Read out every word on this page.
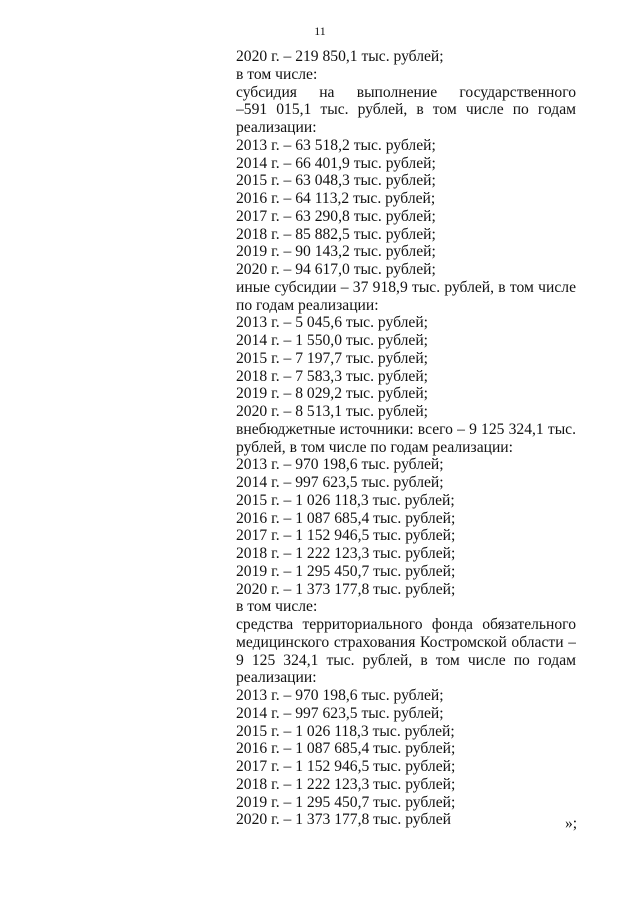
11
2020 г. – 219 850,1 тыс. рублей;
в том числе:
субсидия на выполнение государственного
–591 015,1 тыс. рублей, в том числе по годам
реализации:
2013 г. – 63 518,2 тыс. рублей;
2014 г. – 66 401,9 тыс. рублей;
2015 г. – 63 048,3 тыс. рублей;
2016 г. – 64 113,2 тыс. рублей;
2017 г. – 63 290,8 тыс. рублей;
2018 г. – 85 882,5 тыс. рублей;
2019 г. – 90 143,2 тыс. рублей;
2020 г. – 94 617,0 тыс. рублей;
иные субсидии – 37 918,9 тыс. рублей, в том числе
по годам реализации:
2013 г. – 5 045,6 тыс. рублей;
2014 г. – 1 550,0 тыс. рублей;
2015 г. – 7 197,7 тыс. рублей;
2018 г. – 7 583,3 тыс. рублей;
2019 г. – 8 029,2 тыс. рублей;
2020 г. – 8 513,1 тыс. рублей;
внебюджетные источники: всего – 9 125 324,1 тыс.
рублей, в том числе по годам реализации:
2013 г. – 970 198,6 тыс. рублей;
2014 г. – 997 623,5 тыс. рублей;
2015 г. – 1 026 118,3 тыс. рублей;
2016 г. – 1 087 685,4 тыс. рублей;
2017 г. – 1 152 946,5 тыс. рублей;
2018 г. – 1 222 123,3 тыс. рублей;
2019 г. – 1 295 450,7 тыс. рублей;
2020 г. – 1 373 177,8 тыс. рублей;
в том числе:
средства территориального фонда обязательного
медицинского страхования Костромской области –
9 125 324,1 тыс. рублей, в том числе по годам
реализации:
2013 г. – 970 198,6 тыс. рублей;
2014 г. – 997 623,5 тыс. рублей;
2015 г. – 1 026 118,3 тыс. рублей;
2016 г. – 1 087 685,4 тыс. рублей;
2017 г. – 1 152 946,5 тыс. рублей;
2018 г. – 1 222 123,3 тыс. рублей;
2019 г. – 1 295 450,7 тыс. рублей;
2020 г. – 1 373 177,8 тыс. рублей	»;
